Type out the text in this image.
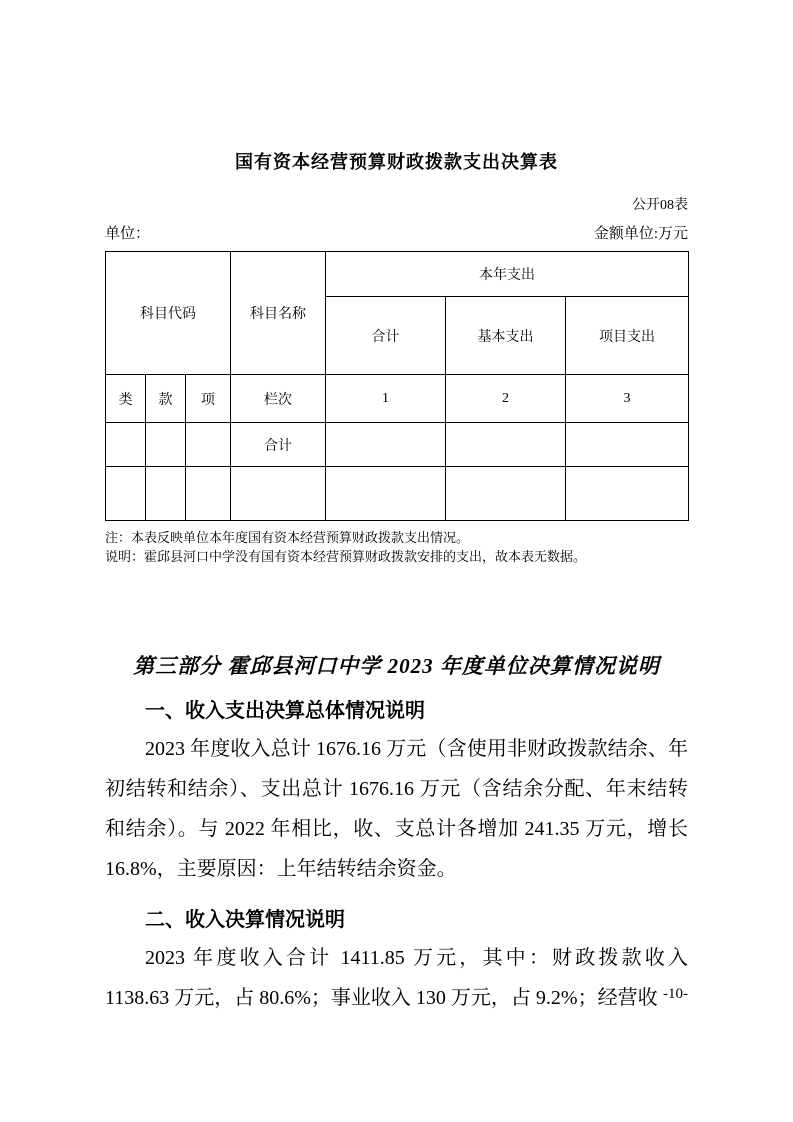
国有资本经营预算财政拨款支出决算表
公开08表
单位：	金额单位:万元
科目代码			科目名称	本年支出		
				合计	基本支出	项目支出
类	款	项	栏次	1	2	3
			合计			

注：本表反映单位本年度国有资本经营预算财政拨款支出情况。
说明：霍邱县河口中学没有国有资本经营预算财政拨款安排的支出，故本表无数据。
第三部分 霍邱县河口中学 2023 年度单位决算情况说明
一、收入支出决算总体情况说明

2023 年度收入总计 1676.16 万元（含使用非财政拨款结余、年初结转和结余）、支出总计 1676.16 万元（含结余分配、年末结转和结余）。与 2022 年相比，收、支总计各增加 241.35 万元，增长 16.8%，主要原因：上年结转结余资金。

二、收入决算情况说明

2023 年度收入合计 1411.85 万元，其中：财政拨款收入 1138.63 万元，占 80.6%；事业收入 130 万元，占 9.2%；经营收 -10-
